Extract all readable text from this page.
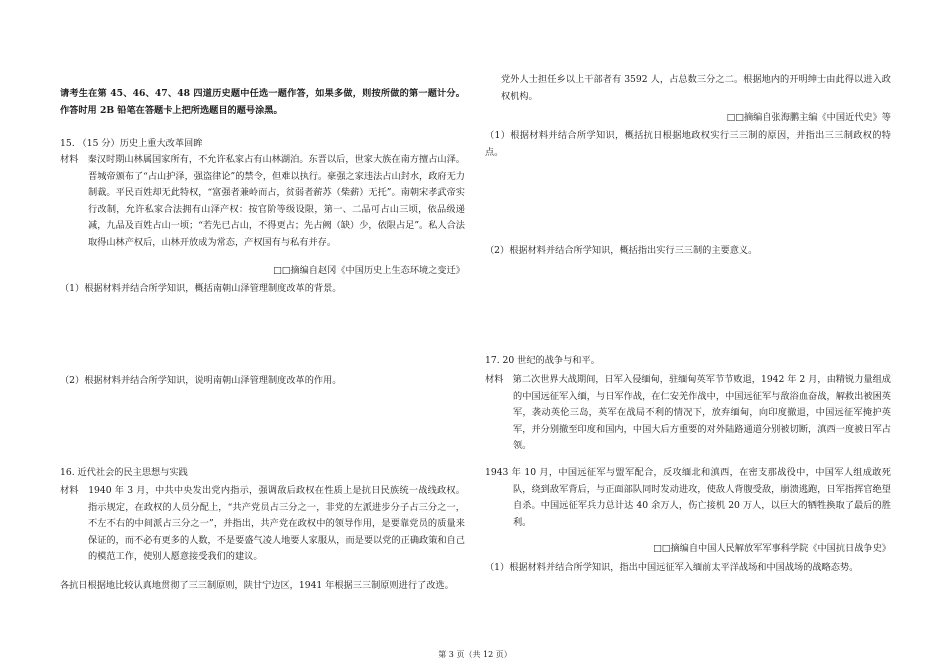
请考生在第 45、46、47、48 四道历史题中任选一题作答，如果多做，则按所做的第一题计分。作答时用 2B 铅笔在答题卡上把所选题目的题号涂黑。

15. （15 分）历史上重大改革回眸

材料　秦汉时期山林属国家所有，不允许私家占有山林湖泊。东晋以后，世家大族在南方擅占山泽。晋城帝颁布了“占山护泽，强盗律论”的禁令，但难以执行。豪强之家违法占山封水，政府无力制裁。平民百姓却无此特权，“富强者兼岭而占，贫弱者薪苏（柴薪）无托”。南朝宋孝武帝实行改制，允许私家合法拥有山泽产权：按官阶等级设限，第一、二品可占山三顷，依品级递减，九品及百姓占山一顷；“若先已占山，不得更占；先占阙（缺）少，依限占足”。私人合法取得山林产权后，山林开放成为常态，产权国有与私有并存。

□□摘编自赵冈《中国历史上生态环境之变迁》

（1）根据材料并结合所学知识，概括南朝山泽管理制度改革的背景。

（2）根据材料并结合所学知识，说明南朝山泽管理制度改革的作用。

16. 近代社会的民主思想与实践

材料　1940 年 3 月，中共中央发出党内指示，强调敌后政权在性质上是抗日民族统一战线政权。指示规定，在政权的人员分配上，“共产党员占三分之一，非党的左派进步分子占三分之一，不左不右的中间派占三分之一”，并指出，共产党在政权中的领导作用，是要靠党员的质量来保证的，而不必有更多的人数，不是要盛气凌人地要人家服从，而是要以党的正确政策和自己的模范工作，使别人愿意接受我们的建议。

各抗日根据地比较认真地贯彻了三三制原则，陕甘宁边区，1941 年根据三三制原则进行了改选。

党外人士担任乡以上干部者有 3592 人，占总数三分之二。根据地内的开明绅士由此得以进入政权机构。

□□摘编自张海鹏主编《中国近代史》等

（1）根据材料并结合所学知识，概括抗日根据地政权实行三三制的原因，并指出三三制政权的特点。

（2）根据材料并结合所学知识，概括指出实行三三制的主要意义。

17. 20 世纪的战争与和平。

材料　第二次世界大战期间，日军入侵缅甸，驻缅甸英军节节败退，1942 年 2 月，由精锐力量组成的中国远征军入缅，与日军作战，在仁安羌作战中，中国远征军与敌浴血奋战，解救出被困英军，袭动英伦三岛，英军在战局不利的情况下，放弃缅甸，向印度撤退，中国远征军掩护英军，并分别撤至印度和国内，中国大后方重要的对外陆路通道分别被切断，滇西一度被日军占领。

1943 年 10 月，中国远征军与盟军配合，反攻缅北和滇西，在密支那战役中，中国军人组成敢死队，绕到敌军背后，与正面部队同时发动进攻，使敌人背腹受敌，崩溃逃跑，日军指挥官绝望自杀。中国远征军兵力总计达 40 余万人，伤亡接机 20 万人，以巨大的牺牲换取了最后的胜利。

□□摘编自中国人民解放军军事科学院《中国抗日战争史》

（1）根据材料并结合所学知识，指出中国远征军入缅前太平洋战场和中国战场的战略态势。

第 3 页（共 12 页）
